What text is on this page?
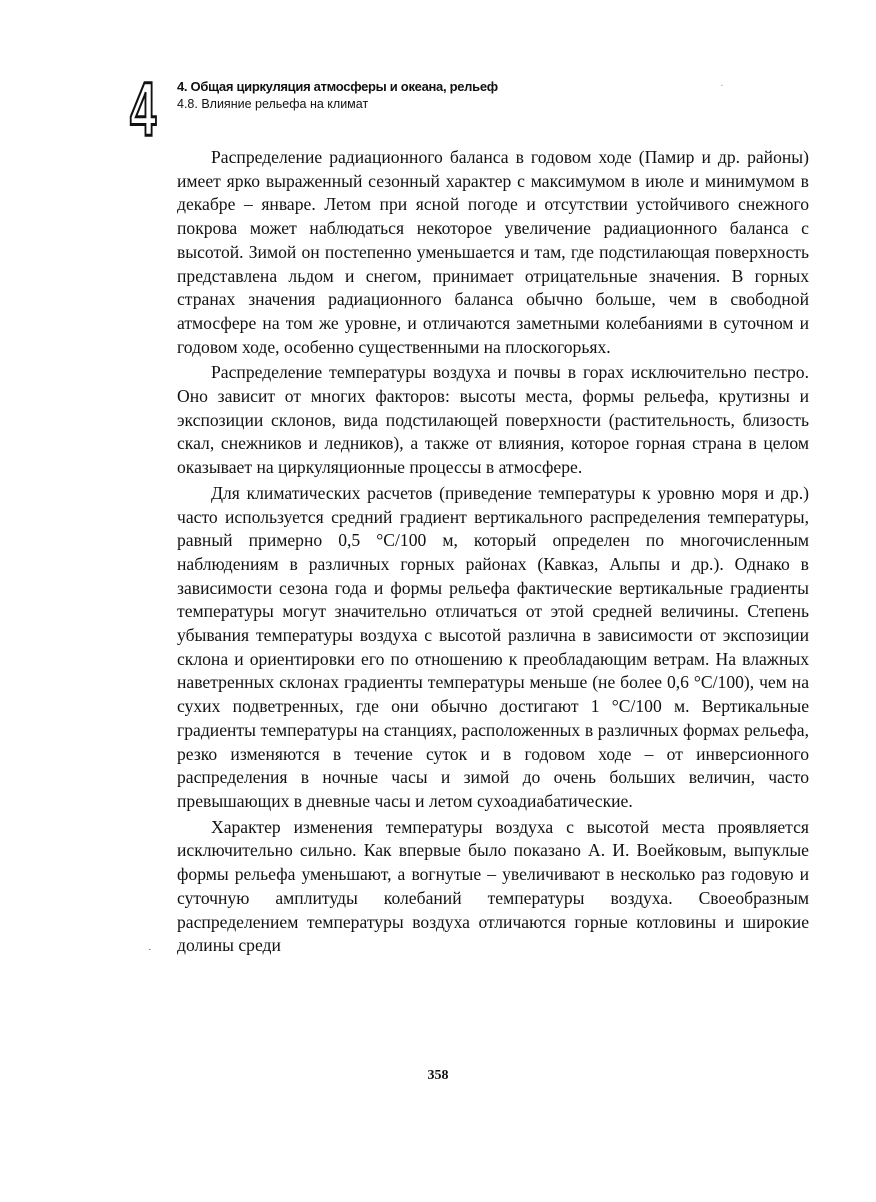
4 4. Общая циркуляция атмосферы и океана, рельеф
4.8. Влияние рельефа на климат

Распределение радиационного баланса в годовом ходе (Памир и др. районы) имеет ярко выраженный сезонный характер с максимумом в июле и минимумом в декабре – январе. Летом при ясной погоде и отсутствии устойчивого снежного покрова может наблюдаться некоторое увеличение радиационного баланса с высотой. Зимой он постепенно уменьшается и там, где подстилающая поверхность представлена льдом и снегом, принимает отрицательные значения. В горных странах значения радиационного баланса обычно больше, чем в свободной атмосфере на том же уровне, и отличаются заметными колебаниями в суточном и годовом ходе, особенно существенными на плоскогорьях.

Распределение температуры воздуха и почвы в горах исключительно пестро. Оно зависит от многих факторов: высоты места, формы рельефа, крутизны и экспозиции склонов, вида подстилающей поверхности (растительность, близость скал, снежников и ледников), а также от влияния, которое горная страна в целом оказывает на циркуляционные процессы в атмосфере.

Для климатических расчетов (приведение температуры к уровню моря и др.) часто используется средний градиент вертикального распределения температуры, равный примерно 0,5 °С/100 м, который определен по многочисленным наблюдениям в различных горных районах (Кавказ, Альпы и др.). Однако в зависимости сезона года и формы рельефа фактические вертикальные градиенты температуры могут значительно отличаться от этой средней величины. Степень убывания температуры воздуха с высотой различна в зависимости от экспозиции склона и ориентировки его по отношению к преобладающим ветрам. На влажных наветренных склонах градиенты температуры меньше (не более 0,6 °С/100), чем на сухих подветренных, где они обычно достигают 1 °С/100 м. Вертикальные градиенты температуры на станциях, расположенных в различных формах рельефа, резко изменяются в течение суток и в годовом ходе – от инверсионного распределения в ночные часы и зимой до очень больших величин, часто превышающих в дневные часы и летом сухоадиабатические.

Характер изменения температуры воздуха с высотой места проявляется исключительно сильно. Как впервые было показано А. И. Воейковым, выпуклые формы рельефа уменьшают, а вогнутые – увеличивают в несколько раз годовую и суточную амплитуды колебаний температуры воздуха. Своеобразным распределением температуры воздуха отличаются горные котловины и широкие долины среди

358
·
·
